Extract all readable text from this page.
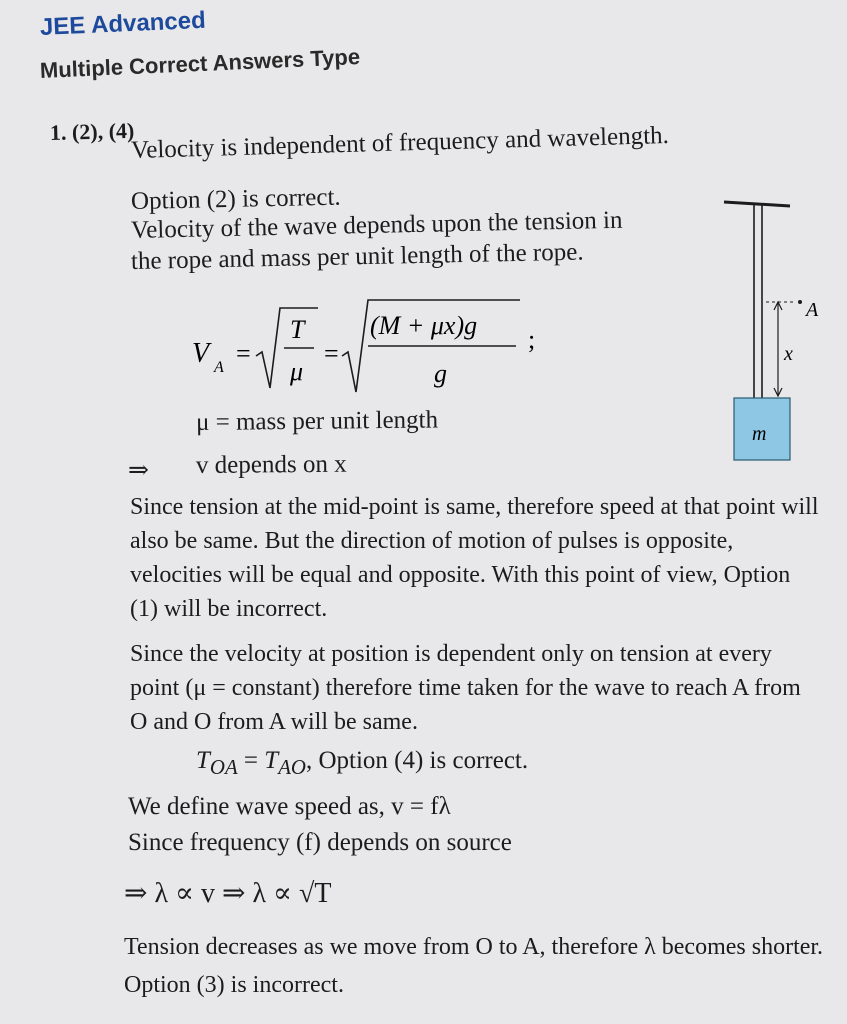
JEE Advanced
Multiple Correct Answers Type
1. (2), (4)
Velocity is independent of frequency and wavelength.
Option (2) is correct.
Velocity of the wave depends upon the tension in
the rope and mass per unit length of the rope.
V A =
T
μ
=
(M + μx)g
g
;
μ = mass per unit length
⇒ v depends on x
Since tension at the mid-point is same, therefore speed at that point will also be same. But the direction of motion of pulses is opposite, velocities will be equal and opposite. With this point of view, Option (1) will be incorrect.
Since the velocity at position is dependent only on tension at every point (μ = constant) therefore time taken for the wave to reach A from O and O from A will be same.
$T_{OA} = T_{AO}$, Option (4) is correct.
We define wave speed as, v = fλ
Since frequency (f) depends on source
⇒ λ ∝ v ⇒ λ ∝ √T
Tension decreases as we move from O to A, therefore λ becomes shorter. Option (3) is incorrect.
A
x
m
